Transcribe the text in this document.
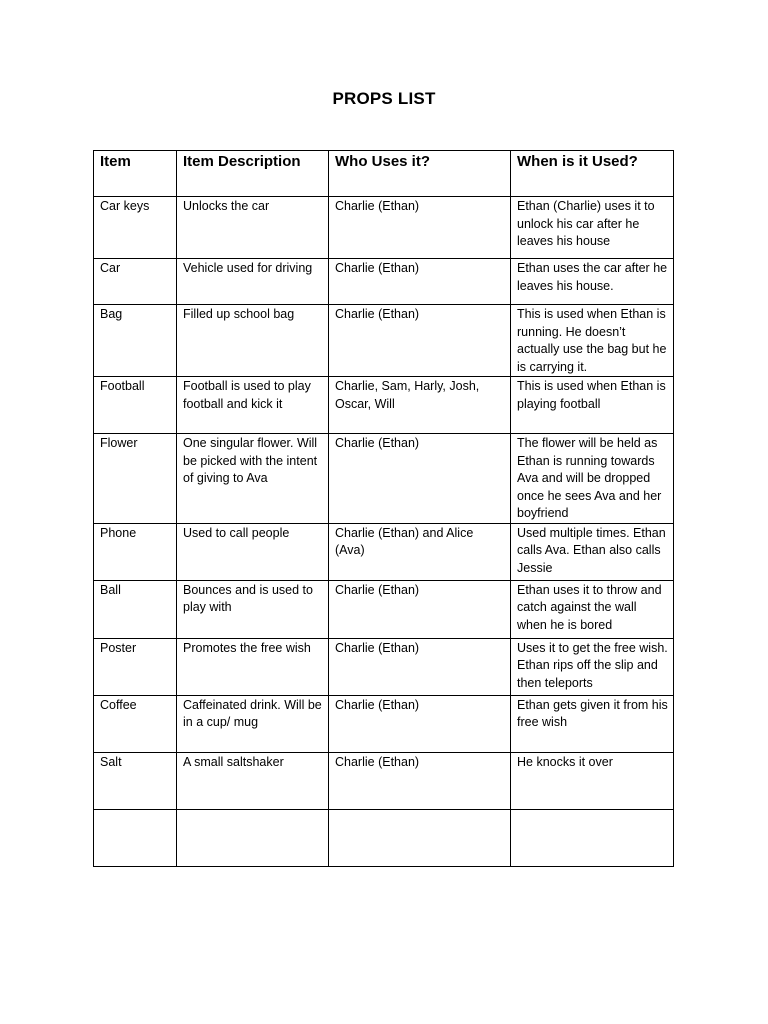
PROPS LIST
Item	Item Description	Who Uses it?	When is it Used?
Car keys	Unlocks the car	Charlie (Ethan)	Ethan (Charlie) uses it to unlock his car after he leaves his house
Car	Vehicle used for driving	Charlie (Ethan)	Ethan uses the car after he leaves his house.
Bag	Filled up school bag	Charlie (Ethan)	This is used when Ethan is running. He doesn’t actually use the bag but he is carrying it.
Football	Football is used to play football and kick it	Charlie, Sam, Harly, Josh, Oscar, Will	This is used when Ethan is playing football
Flower	One singular flower. Will be picked with the intent of giving to Ava	Charlie (Ethan)	The flower will be held as Ethan is running towards Ava and will be dropped once he sees Ava and her boyfriend
Phone	Used to call people	Charlie (Ethan) and Alice (Ava)	Used multiple times. Ethan calls Ava. Ethan also calls Jessie
Ball	Bounces and is used to play with	Charlie (Ethan)	Ethan uses it to throw and catch against the wall when he is bored
Poster	Promotes the free wish	Charlie (Ethan)	Uses it to get the free wish. Ethan rips off the slip and then teleports
Coffee	Caffeinated drink. Will be in a cup/ mug	Charlie (Ethan)	Ethan gets given it from his free wish
Salt	A small saltshaker	Charlie (Ethan)	He knocks it over
